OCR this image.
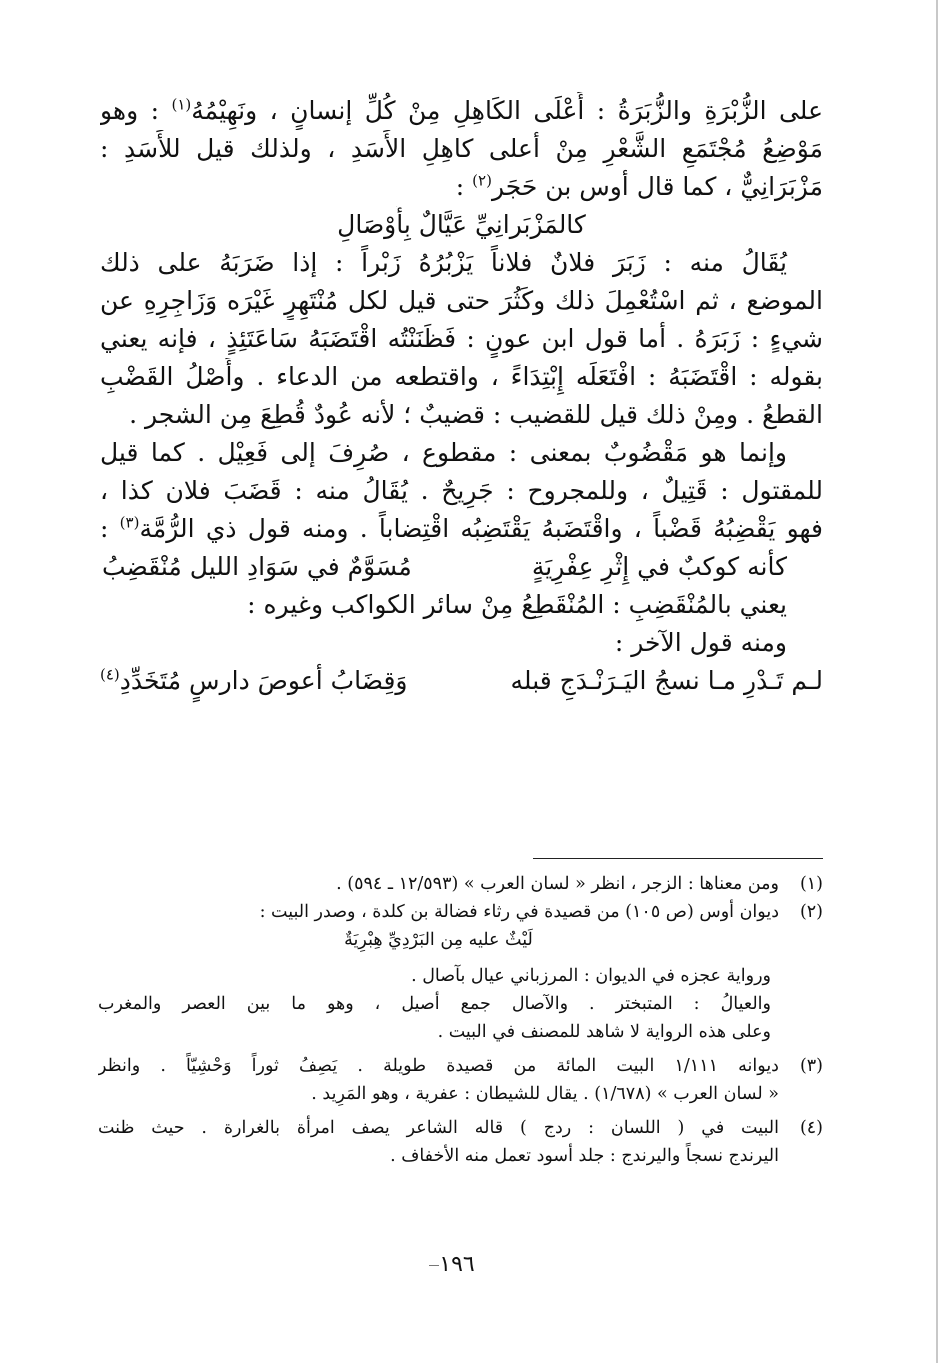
على الزُّبْرَةِ والزُّبَرَةُ : أَعْلَى الكَاهِلِ مِنْ كُلِّ إنسانٍ ، ونَهِيْمُهُ$^{(١)}$ : وهو
مَوْضِعُ مُجْتَمَعِ الشَّعْرِ مِنْ أعلى كاهِلِ الأَسَدِ ، ولذلك قيل للأَسَدِ :
مَزْبَرَانِيٌّ ، كما قال أوس بن حَجَر$^{(٢)}$ :
كالمَزْبَرانِيِّ عَيَّالٌ بِأَوْصَالِ
يُقَالُ منه : زَبَرَ فلانٌ فلاناً يَزْبُرُهُ زَبْراً : إذا ضَرَبَهُ على ذلك
الموضع ، ثم اسْتُعْمِلَ ذلك وكَثُرَ حتى قيل لكل مُنْتَهِرٍ غَيْرَه وَزَاجِرِهِ عن
شيءٍ : زَبَرَهُ . أما قول ابن عونٍ : فَظَنَنْتُه اقْتَضَبَهُ سَاعَتَئِذٍ ، فإنه يعني
بقوله : اقْتَضَبَهُ : افْتَعَلَه إِبْتِدَاءً ، واقتطعه من الدعاء . وأَصْلُ القَضْبِ
القطعُ . ومِنْ ذلك قيل للقضيب : قضيبٌ ؛ لأنه عُودٌ قُطِعَ مِن الشجر .
وإنما هو مَقْضُوبٌ بمعنى : مقطوع ، صُرِفَ إلى فَعِيْل . كما قيل
للمقتول : قَتِيلٌ ، وللمجروح : جَرِيحٌ . يُقَالُ منه : قَضَبَ فلان كذا ،
فهو يَقْضِبُهُ قَضْباً ، واقْتَضَبهُ يَقْتَضِبُه اقْتِضاباً . ومنه قول ذي الرُّمَّة$^{(٣)}$ :
كأنه كوكبٌ في إِثْرِ عِفْرِيَةٍ
مُسَوَّمٌ في سَوَادِ الليل مُنْقَضِبُ
يعني بالمُنْقَضِبِ : المُنْقَطِعُ مِنْ سائر الكواكب وغيره :
ومنه قول الآخر :
لـم تَـدْرِ مـا نسجُ اليَـرَنْـدَجِ قبله
وَقِضَابُ أعوصَ دارسٍ مُتَخَدِّدِ$^{(٤)}$
(١)
ومن معناها : الزجر ، انظر « لسان العرب » (١٢/٥٩٣ ـ ٥٩٤) .
(٢)
ديوان أوس (ص ١٠٥) من قصيدة في رثاء فضالة بن كلدة ، وصدر البيت :
لَيْثٌ عليه مِن البَرْدِيِّ هِبْرِيَةٌ
ورواية عجزه في الديوان : المرزباني عيال بآصال .
والعيالُ : المتبختر . والآصال جمع أصيل ، وهو ما بين العصر والمغرب
وعلى هذه الرواية لا شاهد للمصنف في البيت .
(٣)
ديوانه ١/١١١ البيت المائة من قصيدة طويلة . يَصِفُ ثوراً وَحْشِيّاً . وانظر
« لسان العرب » (١/٦٧٨) . يقال للشيطان : عفرية ، وهو المَرِيد .
(٤)
البيت في ( اللسان : ردج ) قاله الشاعر يصف امرأة بالغرارة . حيث ظنت
اليرندج نسجاً واليرندج : جلد أسود تعمل منه الأخفاف .
١٩٦
